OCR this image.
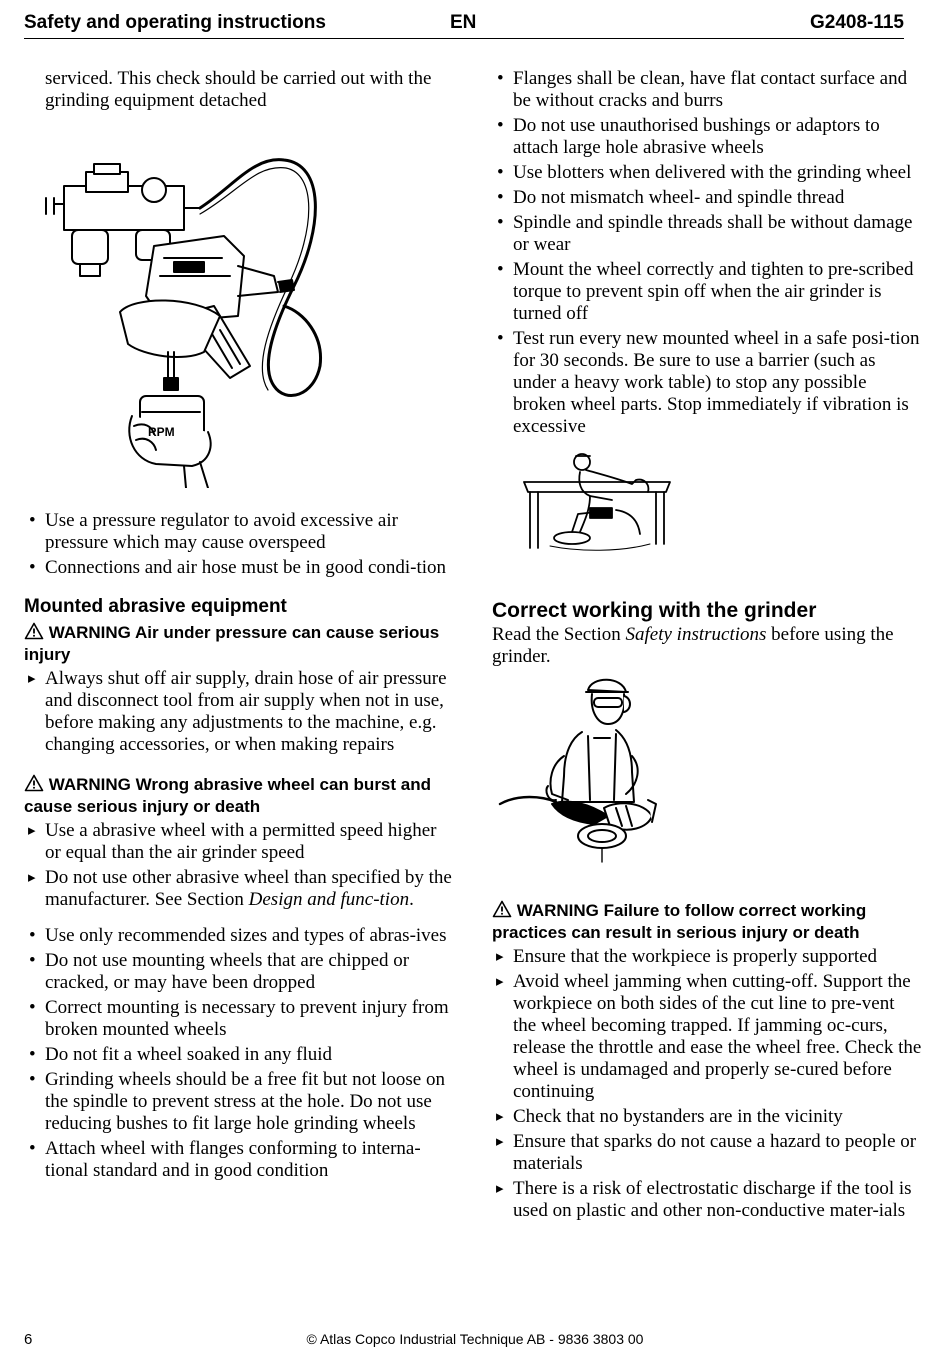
Safety and operating instructions	EN	G2408-115

serviced. This check should be carried out with the grinding equipment detached

RPM
• Use a pressure regulator to avoid excessive air pressure which may cause overspeed
• Connections and air hose must be in good condi-tion
Mounted abrasive equipment
WARNING Air under pressure can cause serious injury
▸ Always shut off air supply, drain hose of air pressure and disconnect tool from air supply when not in use, before making any adjustments to the machine, e.g. changing accessories, or when making repairs
WARNING Wrong abrasive wheel can burst and cause serious injury or death
▸ Use a abrasive wheel with a permitted speed higher or equal than the air grinder speed
▸ Do not use other abrasive wheel than specified by the manufacturer. See Section Design and func-tion.
• Use only recommended sizes and types of abras-ives
• Do not use mounting wheels that are chipped or cracked, or may have been dropped
• Correct mounting is necessary to prevent injury from broken mounted wheels
• Do not fit a wheel soaked in any fluid
• Grinding wheels should be a free fit but not loose on the spindle to prevent stress at the hole. Do not use reducing bushes to fit large hole grinding wheels
• Attach wheel with flanges conforming to interna-tional standard and in good condition
• Flanges shall be clean, have flat contact surface and be without cracks and burrs
• Do not use unauthorised bushings or adaptors to attach large hole abrasive wheels
• Use blotters when delivered with the grinding wheel
• Do not mismatch wheel- and spindle thread
• Spindle and spindle threads shall be without damage or wear
• Mount the wheel correctly and tighten to pre-scribed torque to prevent spin off when the air grinder is turned off
• Test run every new mounted wheel in a safe posi-tion for 30 seconds. Be sure to use a barrier (such as under a heavy work table) to stop any possible broken wheel parts. Stop immediately if vibration is excessive
Correct working with the grinder

Read the Section Safety instructions before using the grinder.

WARNING Failure to follow correct working practices can result in serious injury or death
▸ Ensure that the workpiece is properly supported
▸ Avoid wheel jamming when cutting-off. Support the workpiece on both sides of the cut line to pre-vent the wheel becoming trapped. If jamming oc-curs, release the throttle and ease the wheel free. Check the wheel is undamaged and properly se-cured before continuing
▸ Check that no bystanders are in the vicinity
▸ Ensure that sparks do not cause a hazard to people or materials
▸ There is a risk of electrostatic discharge if the tool is used on plastic and other non-conductive mater-ials
6	© Atlas Copco Industrial Technique AB - 9836 3803 00
